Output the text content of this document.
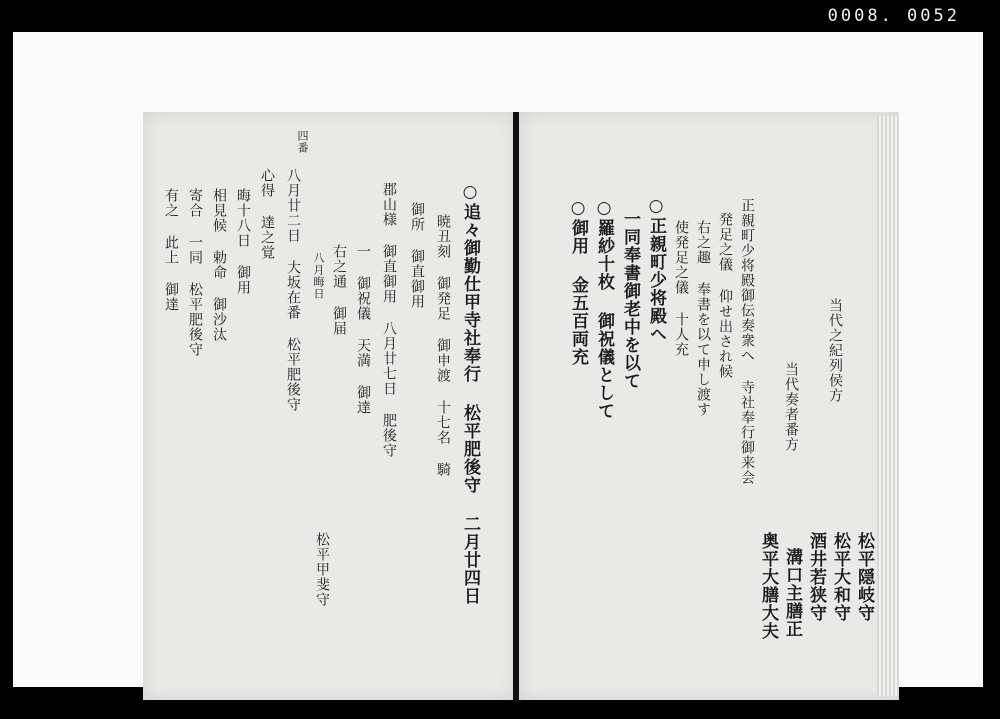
0008. 0052
四番
○追々御勤仕甲寺社奉行 松平肥後守 二月廿四日
暁丑刻 御発足 御申渡 十七名 騎
御所 御直御用
郡山様 御直御用 八月廿七日 肥後守
一 御祝儀 天満 御達
右之通 御届
八月晦日
八月廿二日 大坂在番 松平肥後守
心得 達之覚
晦十八日 御用
相見候 勅命 御沙汰
寄合 一同 松平肥後守
有之 此上 御達
松平甲斐守
正親町少将殿御伝奏衆へ 寺社奉行御来会
発足之儀 仰せ出され候
右之趣 奉書を以て申し渡す
使発足之儀 十人充
○正親町少将殿へ
一同奉書御老中を以て
○羅紗十枚 御祝儀として
○御用 金五百両充	当代之紀列侯方
当代奏者番方
松平隠岐守
松平大和守
酒井若狭守
溝口主膳正
奥平大膳大夫
